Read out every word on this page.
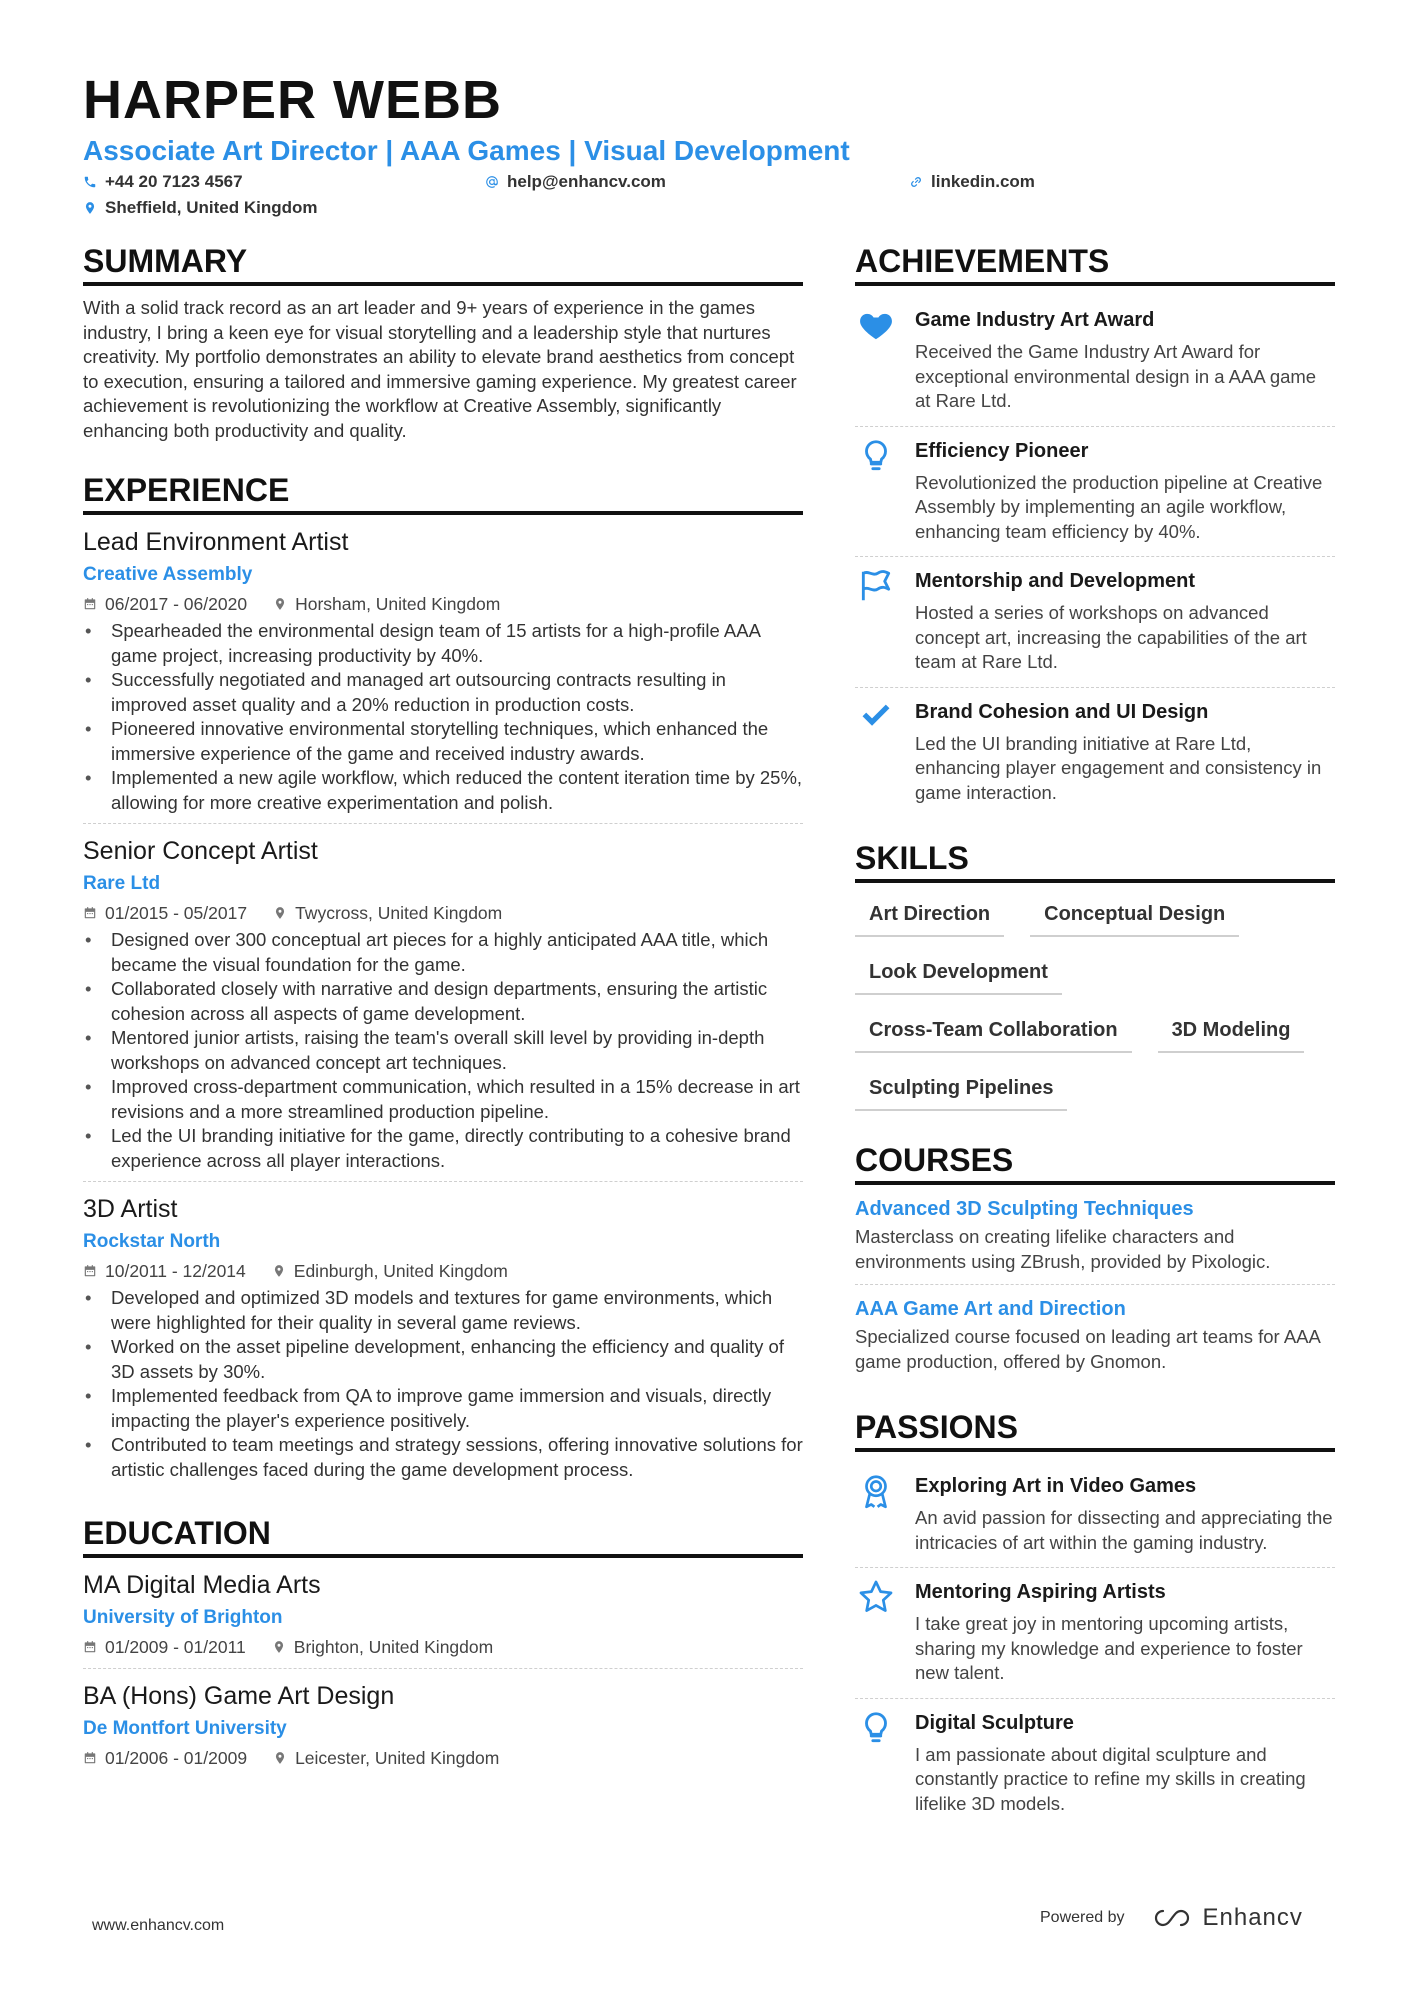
HARPER WEBB
Associate Art Director | AAA Games | Visual Development
+44 20 7123 4567	help@enhancv.com	linkedin.com
Sheffield, United Kingdom
SUMMARY
With a solid track record as an art leader and 9+ years of experience in the games industry, I bring a keen eye for visual storytelling and a leadership style that nurtures creativity. My portfolio demonstrates an ability to elevate brand aesthetics from concept to execution, ensuring a tailored and immersive gaming experience. My greatest career achievement is revolutionizing the workflow at Creative Assembly, significantly enhancing both productivity and quality.
EXPERIENCE
Lead Environment Artist
Creative Assembly
06/2017 - 06/2020	Horsham, United Kingdom
• Spearheaded the environmental design team of 15 artists for a high-profile AAA game project, increasing productivity by 40%.
• Successfully negotiated and managed art outsourcing contracts resulting in improved asset quality and a 20% reduction in production costs.
• Pioneered innovative environmental storytelling techniques, which enhanced the immersive experience of the game and received industry awards.
• Implemented a new agile workflow, which reduced the content iteration time by 25%, allowing for more creative experimentation and polish.
Senior Concept Artist
Rare Ltd
01/2015 - 05/2017	Twycross, United Kingdom
• Designed over 300 conceptual art pieces for a highly anticipated AAA title, which became the visual foundation for the game.
• Collaborated closely with narrative and design departments, ensuring the artistic cohesion across all aspects of game development.
• Mentored junior artists, raising the team's overall skill level by providing in-depth workshops on advanced concept art techniques.
• Improved cross-department communication, which resulted in a 15% decrease in art revisions and a more streamlined production pipeline.
• Led the UI branding initiative for the game, directly contributing to a cohesive brand experience across all player interactions.
3D Artist
Rockstar North
10/2011 - 12/2014	Edinburgh, United Kingdom
• Developed and optimized 3D models and textures for game environments, which were highlighted for their quality in several game reviews.
• Worked on the asset pipeline development, enhancing the efficiency and quality of 3D assets by 30%.
• Implemented feedback from QA to improve game immersion and visuals, directly impacting the player's experience positively.
• Contributed to team meetings and strategy sessions, offering innovative solutions for artistic challenges faced during the game development process.
EDUCATION
MA Digital Media Arts
University of Brighton
01/2009 - 01/2011	Brighton, United Kingdom
BA (Hons) Game Art Design
De Montfort University
01/2006 - 01/2009	Leicester, United Kingdom
ACHIEVEMENTS
Game Industry Art Award
Received the Game Industry Art Award for exceptional environmental design in a AAA game at Rare Ltd.
Efficiency Pioneer
Revolutionized the production pipeline at Creative Assembly by implementing an agile workflow, enhancing team efficiency by 40%.
Mentorship and Development
Hosted a series of workshops on advanced concept art, increasing the capabilities of the art team at Rare Ltd.
Brand Cohesion and UI Design
Led the UI branding initiative at Rare Ltd, enhancing player engagement and consistency in game interaction.
SKILLS
Art Direction	Conceptual Design
Look Development
Cross-Team Collaboration	3D Modeling
Sculpting Pipelines
COURSES
Advanced 3D Sculpting Techniques
Masterclass on creating lifelike characters and environments using ZBrush, provided by Pixologic.
AAA Game Art and Direction
Specialized course focused on leading art teams for AAA game production, offered by Gnomon.
PASSIONS
Exploring Art in Video Games
An avid passion for dissecting and appreciating the intricacies of art within the gaming industry.
Mentoring Aspiring Artists
I take great joy in mentoring upcoming artists, sharing my knowledge and experience to foster new talent.
Digital Sculpture
I am passionate about digital sculpture and constantly practice to refine my skills in creating lifelike 3D models.
www.enhancv.com	Powered by	Enhancv
